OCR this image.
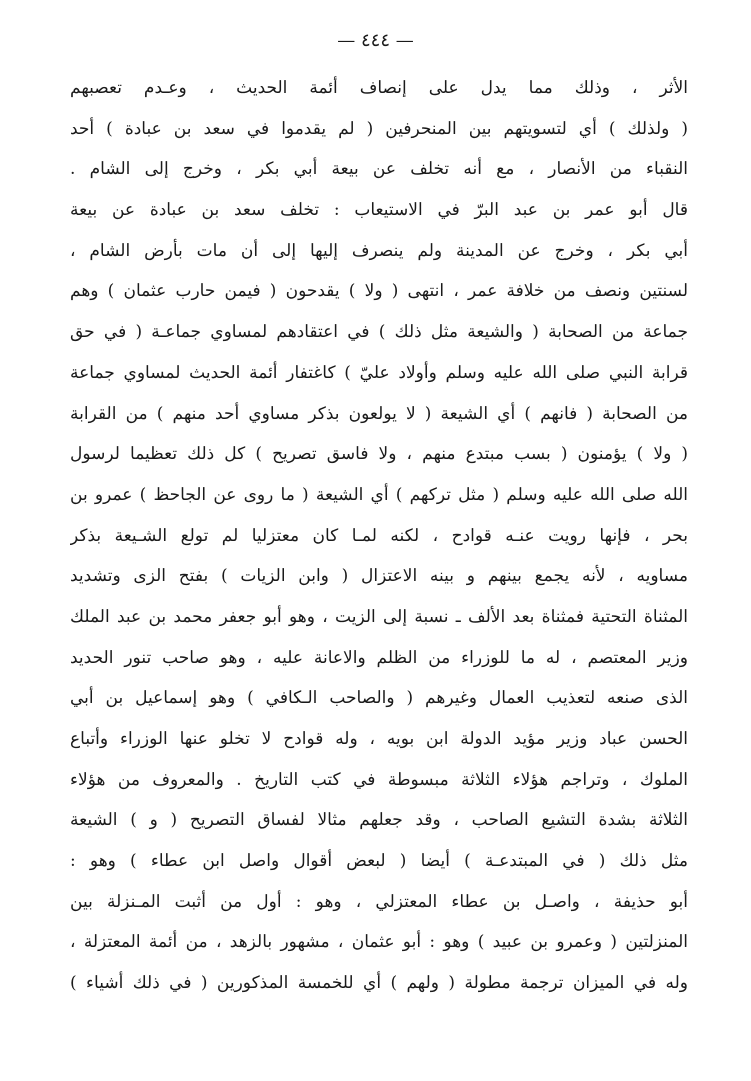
— ٤٤٤ —
الأثر ، وذلك مما يدل على إنصاف أئمة الحديث ، وعـدم تعصبهم
( ولذلك ) أي لتسويتهم بين المنحرفين ( لم يقدموا في سعد بن عبادة ) أحد
النقباء من الأنصار ، مع أنه تخلف عن بيعة أبي بكر ، وخرج إلى الشام .
قال أبو عمر بن عبد البرّ في الاستيعاب : تخلف سعد بن عبادة عن بيعة
أبي بكر ، وخرج عن المدينة ولم ينصرف إليها إلى أن مات بأرض الشام ،
لسنتين ونصف من خلافة عمر ، انتهى ( ولا ) يقدحون ( فيمن حارب عثمان ) وهم
جماعة من الصحابة ( والشيعة مثل ذلك ) في اعتقادهم لمساوي جماعـة ( في حق
قرابة النبي صلى الله عليه وسلم وأولاد عليّ ) كاغتفار أئمة الحديث لمساوي جماعة
من الصحابة ( فانهم ) أي الشيعة ( لا يولعون بذكر مساوي أحد منهم ) من القرابة
( ولا ) يؤمنون ( بسب مبتدع منهم ، ولا فاسق تصريح ) كل ذلك تعظيما لرسول
الله صلى الله عليه وسلم ( مثل تركهم ) أي الشيعة ( ما روى عن الجاحظ ) عمرو بن
بحر ، فإنها رويت عنـه قوادح ، لكنه لمـا كان معتزليا لم تولع الشـيعة بذكر
مساويه ، لأنه يجمع بينهم و بينه الاعتزال ( وابن الزيات ) بفتح الزى وتشديد
المثناة التحتية فمثناة بعد الألف ـ نسبة إلى الزيت ، وهو أبو جعفر محمد بن عبد الملك
وزير المعتصم ، له ما للوزراء من الظلم والاعانة عليه ، وهو صاحب تنور الحديد
الذى صنعه لتعذيب العمال وغيرهم ( والصاحب الـكافي ) وهو إسماعيل بن أبي
الحسن عباد وزير مؤيد الدولة ابن بويه ، وله قوادح لا تخلو عنها الوزراء وأتباع
الملوك ، وتراجم هؤلاء الثلاثة مبسوطة في كتب التاريخ . والمعروف من هؤلاء
الثلاثة بشدة التشيع الصاحب ، وقد جعلهم مثالا لفساق التصريح ( و ) الشيعة
مثل ذلك ( في المبتدعـة ) أيضا ( لبعض أقوال واصل ابن عطاء ) وهو :
أبو حذيفة ، واصـل بن عطاء المعتزلي ، وهو : أول من أثبت المـنزلة بين
المنزلتين ( وعمرو بن عبيد ) وهو : أبو عثمان ، مشهور بالزهد ، من أئمة المعتزلة ،
وله في الميزان ترجمة مطولة ( ولهم ) أي للخمسة المذكورين ( في ذلك أشياء )
